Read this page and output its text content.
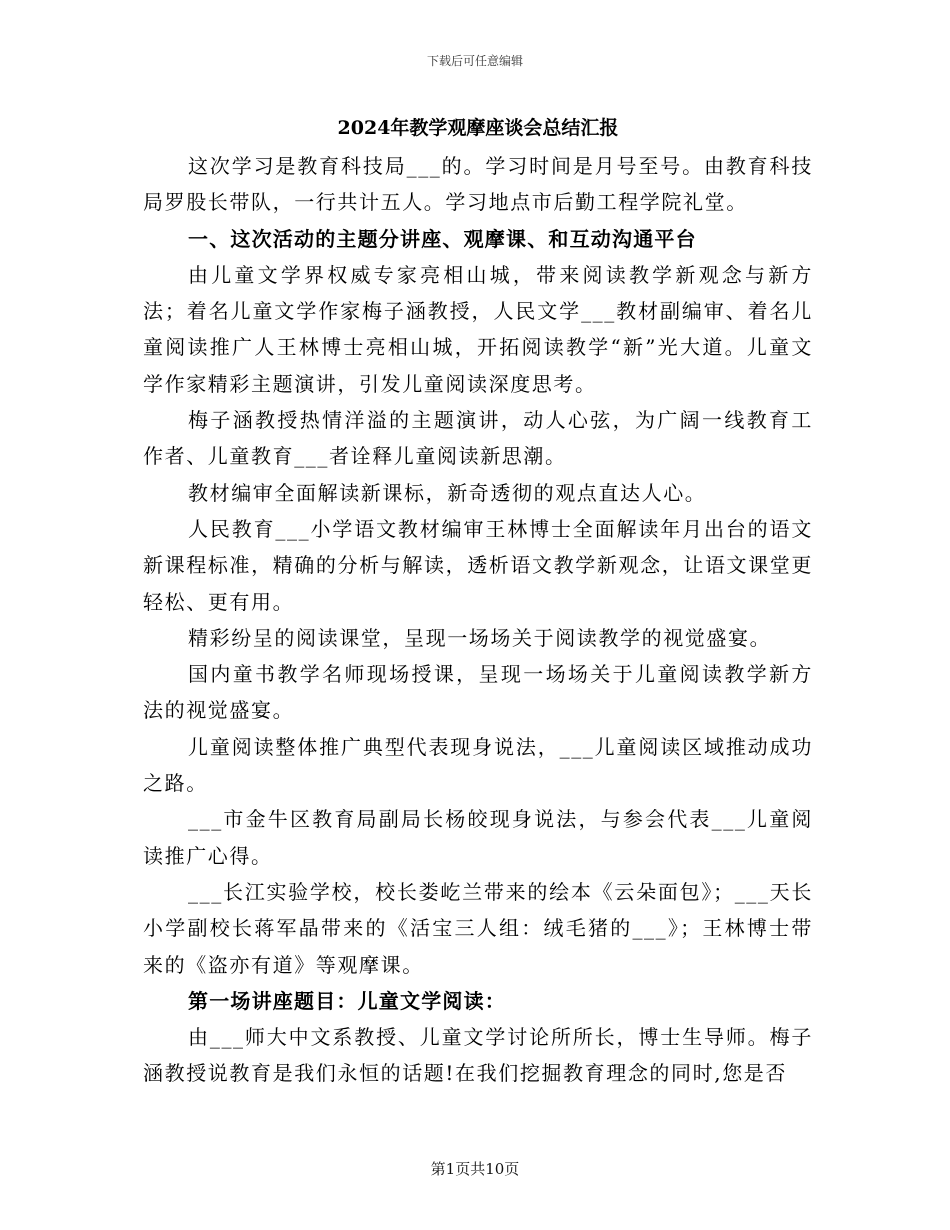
下载后可任意编辑
2024年教学观摩座谈会总结汇报

这次学习是教育科技局___的。学习时间是月号至号。由教育科技局罗股长带队，一行共计五人。学习地点市后勤工程学院礼堂。

一、这次活动的主题分讲座、观摩课、和互动沟通平台

由儿童文学界权威专家亮相山城，带来阅读教学新观念与新方法；着名儿童文学作家梅子涵教授，人民文学___教材副编审、着名儿童阅读推广人王林博士亮相山城，开拓阅读教学“新”光大道。儿童文学作家精彩主题演讲，引发儿童阅读深度思考。

梅子涵教授热情洋溢的主题演讲，动人心弦，为广阔一线教育工作者、儿童教育___者诠释儿童阅读新思潮。

教材编审全面解读新课标，新奇透彻的观点直达人心。

人民教育___小学语文教材编审王林博士全面解读年月出台的语文新课程标准，精确的分析与解读，透析语文教学新观念，让语文课堂更轻松、更有用。

精彩纷呈的阅读课堂，呈现一场场关于阅读教学的视觉盛宴。

国内童书教学名师现场授课，呈现一场场关于儿童阅读教学新方法的视觉盛宴。

儿童阅读整体推广典型代表现身说法，___儿童阅读区域推动成功之路。

___市金牛区教育局副局长杨皎现身说法，与参会代表___儿童阅读推广心得。

___长江实验学校，校长娄屹兰带来的绘本《云朵面包》；___天长小学副校长蒋军晶带来的《活宝三人组：绒毛猪的___》；王林博士带来的《盗亦有道》等观摩课。

第一场讲座题目：儿童文学阅读：

由___师大中文系教授、儿童文学讨论所所长，博士生导师。梅子涵教授说教育是我们永恒的话题!在我们挖掘教育理念的同时,您是否

第1页共10页
